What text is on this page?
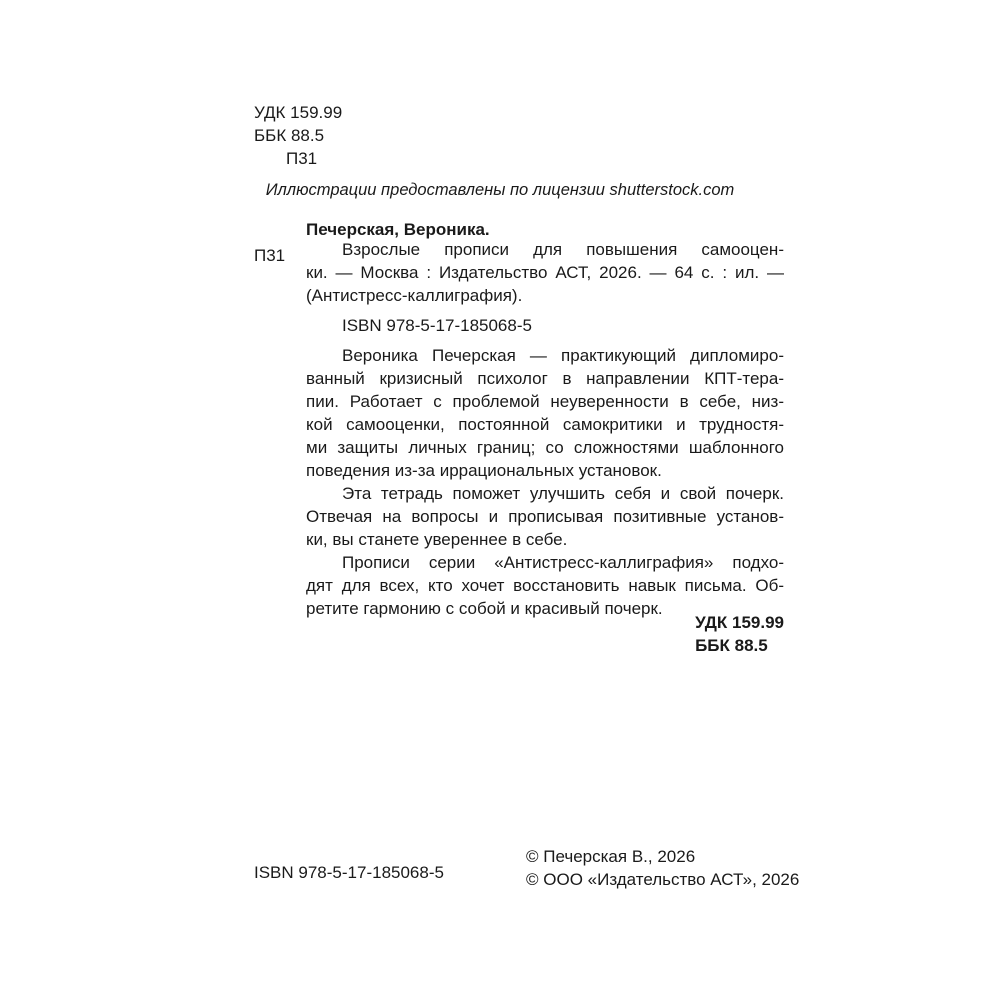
УДК 159.99
ББК 88.5
П31
Иллюстрации предоставлены по лицензии shutterstock.com
Печерская, Вероника.
П31	Взрослые прописи для повышения самооцен-
ки. — Москва : Издательство АСТ, 2026. — 64 с. : ил. —
(Антистресс-каллиграфия).
ISBN 978-5-17-185068-5
Вероника Печерская — практикующий дипломиро-
ванный кризисный психолог в направлении КПТ-тера-
пии. Работает с проблемой неуверенности в себе, низ-
кой самооценки, постоянной самокритики и трудностя-
ми защиты личных границ; со сложностями шаблонного
поведения из-за иррациональных установок.
Эта тетрадь поможет улучшить себя и свой почерк.
Отвечая на вопросы и прописывая позитивные установ-
ки, вы станете увереннее в себе.
Прописи серии «Антистресс-каллиграфия» подхо-
дят для всех, кто хочет восстановить навык письма. Об-
ретите гармонию с собой и красивый почерк.
УДК 159.99
ББК 88.5
ISBN 978-5-17-185068-5
© Печерская В., 2026
© ООО «Издательство АСТ», 2026
